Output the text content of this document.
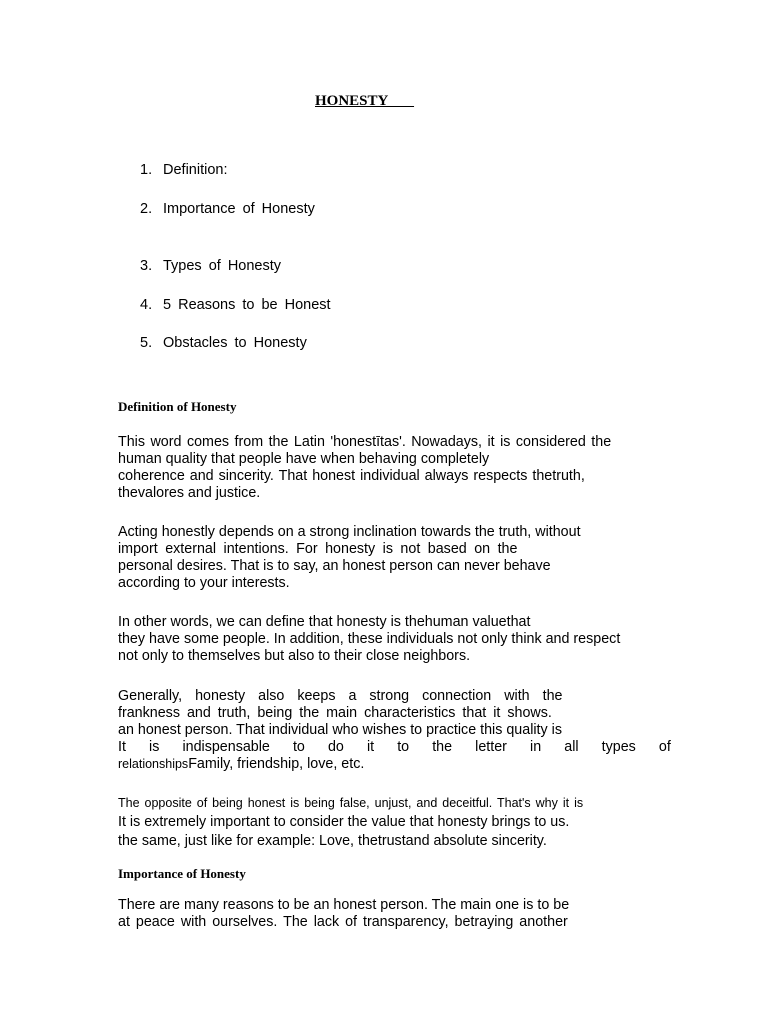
HONESTY
1. Definition:
2. Importance of Honesty
3. Types of Honesty
4. 5 Reasons to be Honest
5. Obstacles to Honesty
Definition of Honesty
This word comes from the Latin 'honestītas'. Nowadays, it is considered the
human quality that people have when behaving completely
coherence and sincerity. That honest individual always respects thetruth,
thevalores and justice.
Acting honestly depends on a strong inclination towards the truth, without
import external intentions. For honesty is not based on the
personal desires. That is to say, an honest person can never behave
according to your interests.
In other words, we can define that honesty is thehuman valuethat
they have some people. In addition, these individuals not only think and respect
not only to themselves but also to their close neighbors.
Generally, honesty also keeps a strong connection with the
frankness and truth, being the main characteristics that it shows.
an honest person. That individual who wishes to practice this quality is
It is indispensable to do it to the letter in all types of
relationshipsFamily, friendship, love, etc.
The opposite of being honest is being false, unjust, and deceitful. That's why it is
It is extremely important to consider the value that honesty brings to us.
the same, just like for example: Love, thetrustand absolute sincerity.
Importance of Honesty
There are many reasons to be an honest person. The main one is to be
at peace with ourselves. The lack of transparency, betraying another
